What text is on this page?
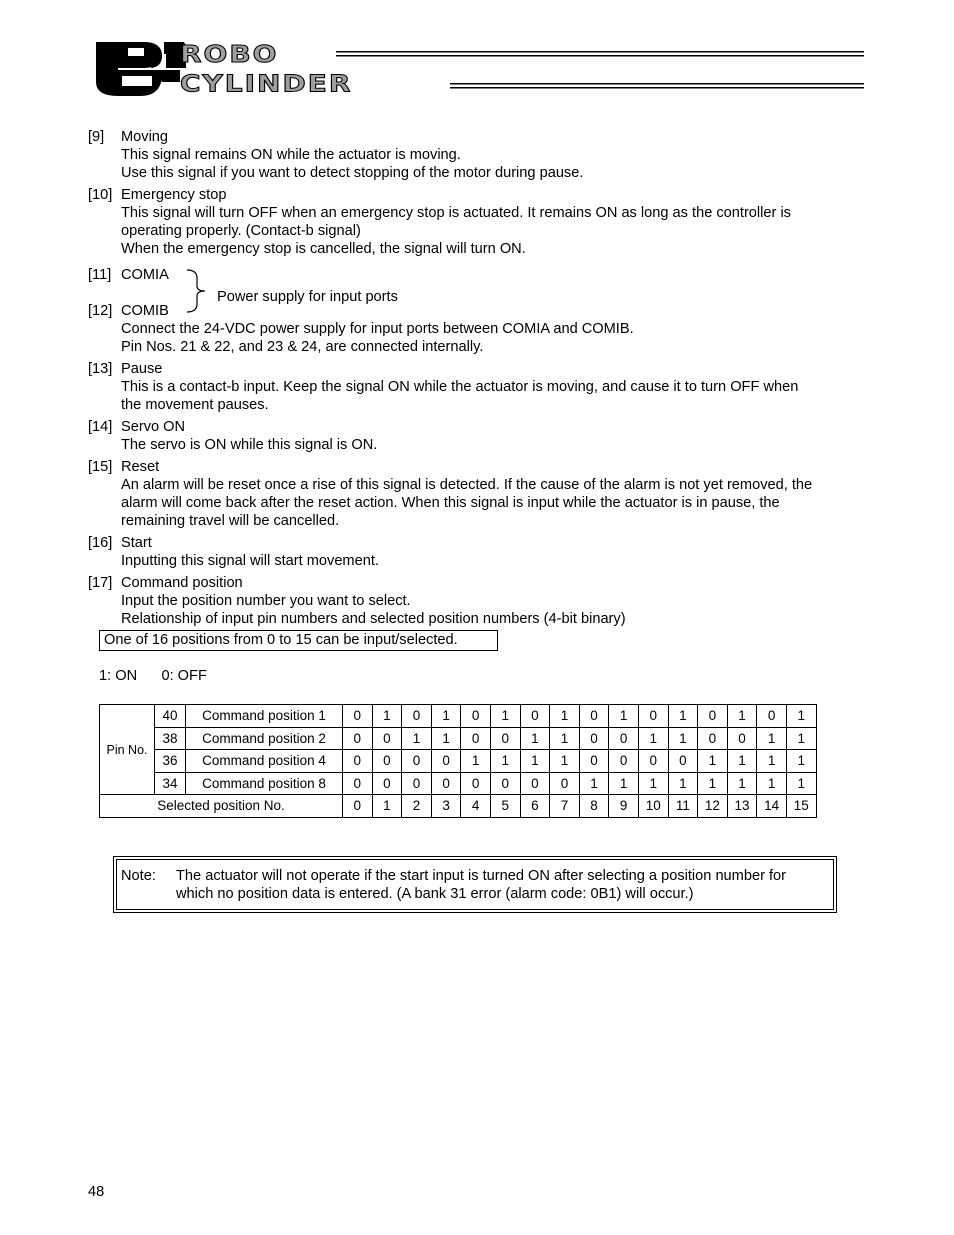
ROBO
CYLINDER
[9]	Moving
This signal remains ON while the actuator is moving.
Use this signal if you want to detect stopping of the motor during pause.
[10] Emergency stop
This signal will turn OFF when an emergency stop is actuated. It remains ON as long as the controller is
operating properly. (Contact-b signal)
When the emergency stop is cancelled, the signal will turn ON.
[11] COMIA
Power supply for input ports
[12] COMIB
Connect the 24-VDC power supply for input ports between COMIA and COMIB.
Pin Nos. 21 & 22, and 23 & 24, are connected internally.
[13] Pause
This is a contact-b input. Keep the signal ON while the actuator is moving, and cause it to turn OFF when
the movement pauses.
[14] Servo ON
The servo is ON while this signal is ON.
[15] Reset
An alarm will be reset once a rise of this signal is detected. If the cause of the alarm is not yet removed, the
alarm will come back after the reset action. When this signal is input while the actuator is in pause, the
remaining travel will be cancelled.
[16] Start
Inputting this signal will start movement.
[17] Command position
Input the position number you want to select.
Relationship of input pin numbers and selected position numbers (4-bit binary)
One of 16 positions from 0 to 15 can be input/selected.
1: ON 0: OFF
Pin No.	40	Command position 1	0	1	0	1	0	1	0	1	0	1	0	1	0	1	0	1
	38	Command position 2	0	0	1	1	0	0	1	1	0	0	1	1	0	0	1	1
	36	Command position 4	0	0	0	0	1	1	1	1	0	0	0	0	1	1	1	1
	34	Command position 8	0	0	0	0	0	0	0	0	1	1	1	1	1	1	1	1
Selected position No.			0	1	2	3	4	5	6	7	8	9	10	11	12	13	14	15
Note:	The actuator will not operate if the start input is turned ON after selecting a position number for
which no position data is entered. (A bank 31 error (alarm code: 0B1) will occur.)
48
